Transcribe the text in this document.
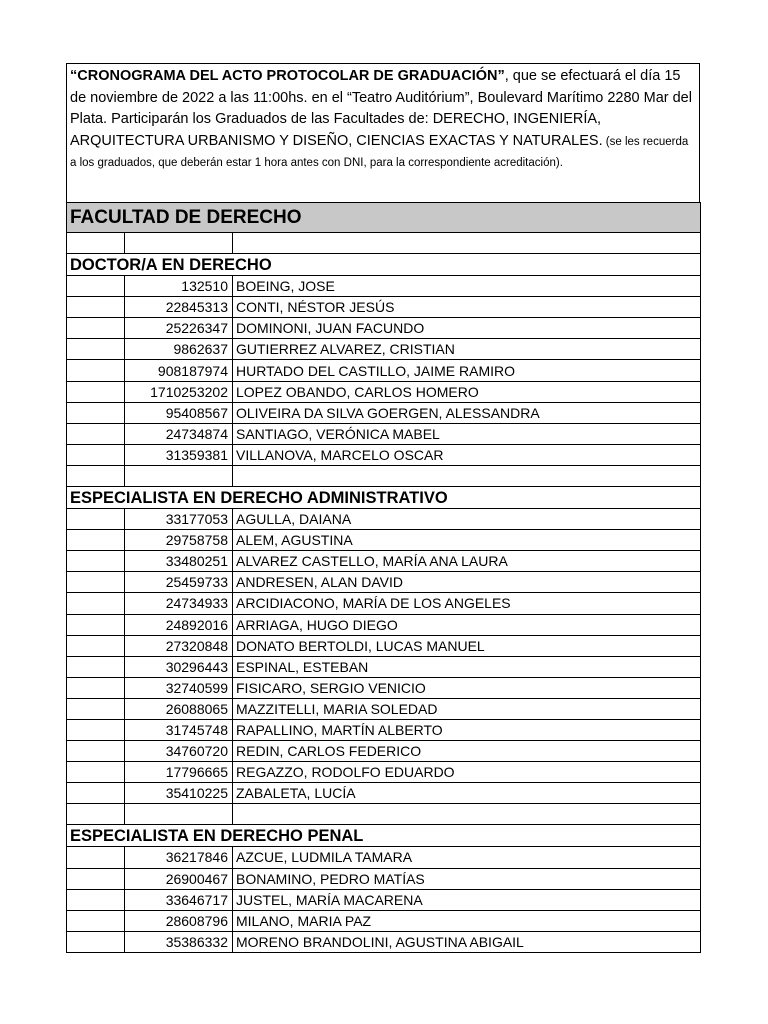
“CRONOGRAMA DEL ACTO PROTOCOLAR DE GRADUACIÓN”, que se efectuará el día 15 de noviembre de 2022 a las 11:00hs. en el “Teatro Auditórium”, Boulevard Marítimo 2280 Mar del Plata. Participarán los Graduados de las Facultades de: DERECHO, INGENIERÍA, ARQUITECTURA URBANISMO Y DISEÑO, CIENCIAS EXACTAS Y NATURALES. (se les recuerda a los graduados, que deberán estar 1 hora antes con DNI, para la correspondiente acreditación).
FACULTAD DE DERECHO		

DOCTOR/A EN DERECHO		
	132510	BOEING, JOSE
	22845313	CONTI, NÉSTOR JESÚS
	25226347	DOMINONI, JUAN FACUNDO
	9862637	GUTIERREZ ALVAREZ, CRISTIAN
	908187974	HURTADO DEL CASTILLO, JAIME RAMIRO
	1710253202	LOPEZ OBANDO, CARLOS HOMERO
	95408567	OLIVEIRA DA SILVA GOERGEN, ALESSANDRA
	24734874	SANTIAGO, VERÓNICA MABEL
	31359381	VILLANOVA, MARCELO OSCAR

ESPECIALISTA EN DERECHO ADMINISTRATIVO		
	33177053	AGULLA, DAIANA
	29758758	ALEM, AGUSTINA
	33480251	ALVAREZ CASTELLO, MARÍA ANA LAURA
	25459733	ANDRESEN, ALAN DAVID
	24734933	ARCIDIACONO, MARÍA DE LOS ANGELES
	24892016	ARRIAGA, HUGO DIEGO
	27320848	DONATO BERTOLDI, LUCAS MANUEL
	30296443	ESPINAL, ESTEBAN
	32740599	FISICARO, SERGIO VENICIO
	26088065	MAZZITELLI, MARIA SOLEDAD
	31745748	RAPALLINO, MARTÍN ALBERTO
	34760720	REDIN, CARLOS FEDERICO
	17796665	REGAZZO, RODOLFO EDUARDO
	35410225	ZABALETA, LUCÍA

ESPECIALISTA EN DERECHO PENAL		
	36217846	AZCUE, LUDMILA TAMARA
	26900467	BONAMINO, PEDRO MATÍAS
	33646717	JUSTEL, MARÍA MACARENA
	28608796	MILANO, MARIA PAZ
	35386332	MORENO BRANDOLINI, AGUSTINA ABIGAIL
